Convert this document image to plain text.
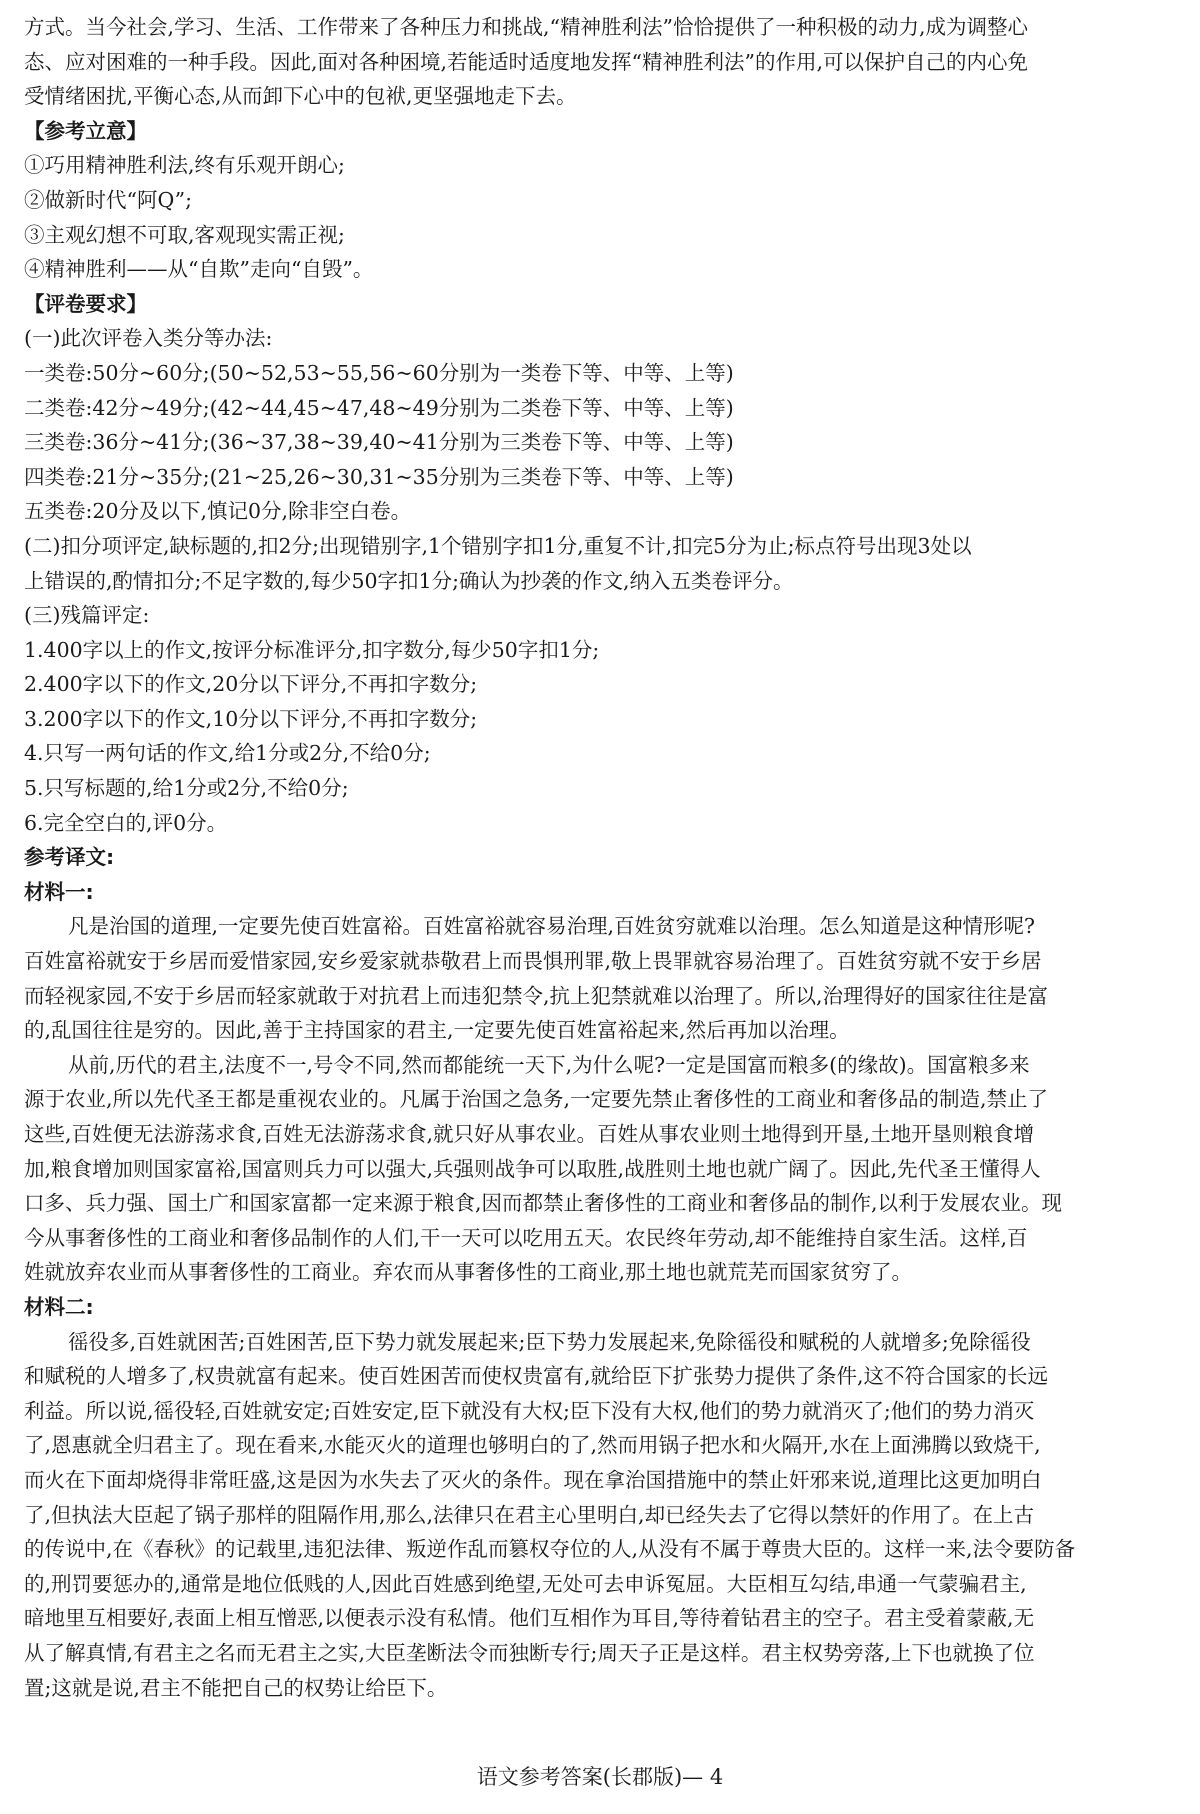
方式。当今社会,学习、生活、工作带来了各种压力和挑战,“精神胜利法”恰恰提供了一种积极的动力,成为调整心
态、应对困难的一种手段。因此,面对各种困境,若能适时适度地发挥“精神胜利法”的作用,可以保护自己的内心免
受情绪困扰,平衡心态,从而卸下心中的包袱,更坚强地走下去。
【参考立意】
①巧用精神胜利法,终有乐观开朗心;
②做新时代“阿Q”;
③主观幻想不可取,客观现实需正视;
④精神胜利——从“自欺”走向“自毁”。
【评卷要求】
(一)此次评卷入类分等办法:
一类卷:50分~60分;(50~52,53~55,56~60分别为一类卷下等、中等、上等)
二类卷:42分~49分;(42~44,45~47,48~49分别为二类卷下等、中等、上等)
三类卷:36分~41分;(36~37,38~39,40~41分别为三类卷下等、中等、上等)
四类卷:21分~35分;(21~25,26~30,31~35分别为三类卷下等、中等、上等)
五类卷:20分及以下,慎记0分,除非空白卷。
(二)扣分项评定,缺标题的,扣2分;出现错别字,1个错别字扣1分,重复不计,扣完5分为止;标点符号出现3处以
上错误的,酌情扣分;不足字数的,每少50字扣1分;确认为抄袭的作文,纳入五类卷评分。
(三)残篇评定:
1.400字以上的作文,按评分标准评分,扣字数分,每少50字扣1分;
2.400字以下的作文,20分以下评分,不再扣字数分;
3.200字以下的作文,10分以下评分,不再扣字数分;
4.只写一两句话的作文,给1分或2分,不给0分;
5.只写标题的,给1分或2分,不给0分;
6.完全空白的,评0分。
参考译文:
材料一:
凡是治国的道理,一定要先使百姓富裕。百姓富裕就容易治理,百姓贫穷就难以治理。怎么知道是这种情形呢?
百姓富裕就安于乡居而爱惜家园,安乡爱家就恭敬君上而畏惧刑罪,敬上畏罪就容易治理了。百姓贫穷就不安于乡居
而轻视家园,不安于乡居而轻家就敢于对抗君上而违犯禁令,抗上犯禁就难以治理了。所以,治理得好的国家往往是富
的,乱国往往是穷的。因此,善于主持国家的君主,一定要先使百姓富裕起来,然后再加以治理。
从前,历代的君主,法度不一,号令不同,然而都能统一天下,为什么呢?一定是国富而粮多(的缘故)。国富粮多来
源于农业,所以先代圣王都是重视农业的。凡属于治国之急务,一定要先禁止奢侈性的工商业和奢侈品的制造,禁止了
这些,百姓便无法游荡求食,百姓无法游荡求食,就只好从事农业。百姓从事农业则土地得到开垦,土地开垦则粮食增
加,粮食增加则国家富裕,国富则兵力可以强大,兵强则战争可以取胜,战胜则土地也就广阔了。因此,先代圣王懂得人
口多、兵力强、国土广和国家富都一定来源于粮食,因而都禁止奢侈性的工商业和奢侈品的制作,以利于发展农业。现
今从事奢侈性的工商业和奢侈品制作的人们,干一天可以吃用五天。农民终年劳动,却不能维持自家生活。这样,百
姓就放弃农业而从事奢侈性的工商业。弃农而从事奢侈性的工商业,那土地也就荒芜而国家贫穷了。
材料二:
徭役多,百姓就困苦;百姓困苦,臣下势力就发展起来;臣下势力发展起来,免除徭役和赋税的人就增多;免除徭役
和赋税的人增多了,权贵就富有起来。使百姓困苦而使权贵富有,就给臣下扩张势力提供了条件,这不符合国家的长远
利益。所以说,徭役轻,百姓就安定;百姓安定,臣下就没有大权;臣下没有大权,他们的势力就消灭了;他们的势力消灭
了,恩惠就全归君主了。现在看来,水能灭火的道理也够明白的了,然而用锅子把水和火隔开,水在上面沸腾以致烧干,
而火在下面却烧得非常旺盛,这是因为水失去了灭火的条件。现在拿治国措施中的禁止奸邪来说,道理比这更加明白
了,但执法大臣起了锅子那样的阻隔作用,那么,法律只在君主心里明白,却已经失去了它得以禁奸的作用了。在上古
的传说中,在《春秋》的记载里,违犯法律、叛逆作乱而篡权夺位的人,从没有不属于尊贵大臣的。这样一来,法令要防备
的,刑罚要惩办的,通常是地位低贱的人,因此百姓感到绝望,无处可去申诉冤屈。大臣相互勾结,串通一气蒙骗君主,
暗地里互相要好,表面上相互憎恶,以便表示没有私情。他们互相作为耳目,等待着钻君主的空子。君主受着蒙蔽,无
从了解真情,有君主之名而无君主之实,大臣垄断法令而独断专行;周天子正是这样。君主权势旁落,上下也就换了位
置;这就是说,君主不能把自己的权势让给臣下。
语文参考答案(长郡版)— 4
